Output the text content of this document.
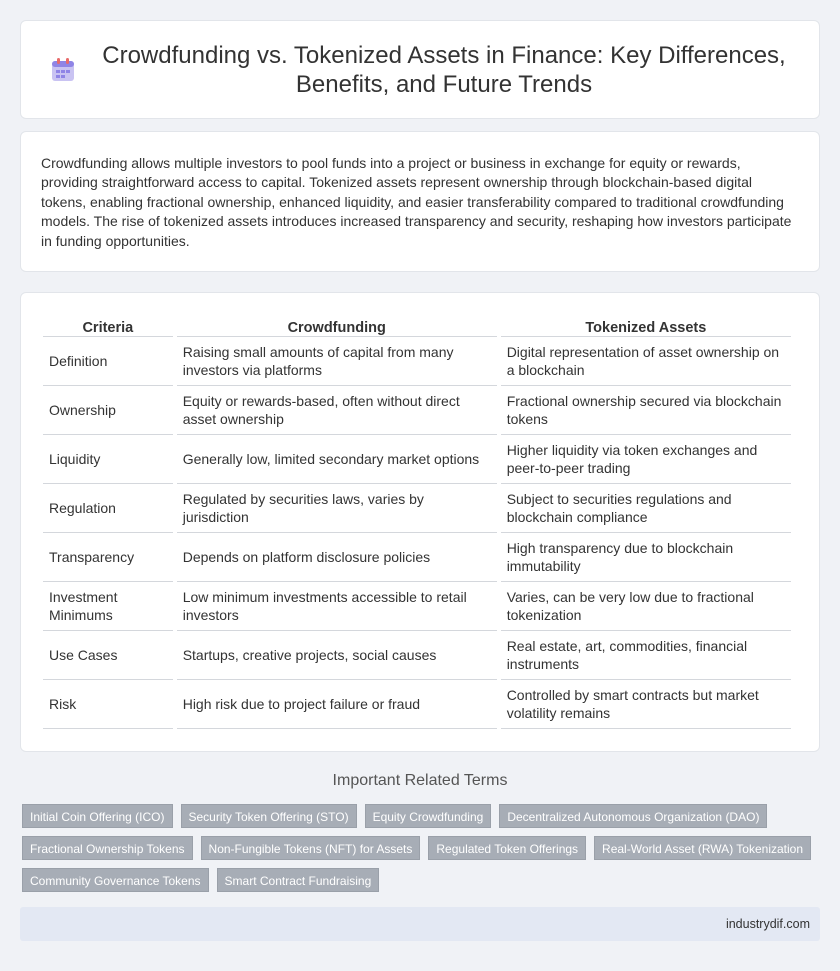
Crowdfunding vs. Tokenized Assets in Finance: Key Differences, Benefits, and Future Trends

Crowdfunding allows multiple investors to pool funds into a project or business in exchange for equity or rewards, providing straightforward access to capital. Tokenized assets represent ownership through blockchain-based digital tokens, enabling fractional ownership, enhanced liquidity, and easier transferability compared to traditional crowdfunding models. The rise of tokenized assets introduces increased transparency and security, reshaping how investors participate in funding opportunities.

Criteria	Crowdfunding	Tokenized Assets
Definition	Raising small amounts of capital from many investors via platforms	Digital representation of asset ownership on a blockchain
Ownership	Equity or rewards-based, often without direct asset ownership	Fractional ownership secured via blockchain tokens
Liquidity	Generally low, limited secondary market options	Higher liquidity via token exchanges and peer-to-peer trading
Regulation	Regulated by securities laws, varies by jurisdiction	Subject to securities regulations and blockchain compliance
Transparency	Depends on platform disclosure policies	High transparency due to blockchain immutability
Investment Minimums	Low minimum investments accessible to retail investors	Varies, can be very low due to fractional tokenization
Use Cases	Startups, creative projects, social causes	Real estate, art, commodities, financial instruments
Risk	High risk due to project failure or fraud	Controlled by smart contracts but market volatility remains
Important Related Terms
Initial Coin Offering (ICO)	Security Token Offering (STO)	Equity Crowdfunding	Decentralized Autonomous Organization (DAO)
Fractional Ownership Tokens	Non-Fungible Tokens (NFT) for Assets	Regulated Token Offerings	Real-World Asset (RWA) Tokenization
Community Governance Tokens	Smart Contract Fundraising
industrydif.com
